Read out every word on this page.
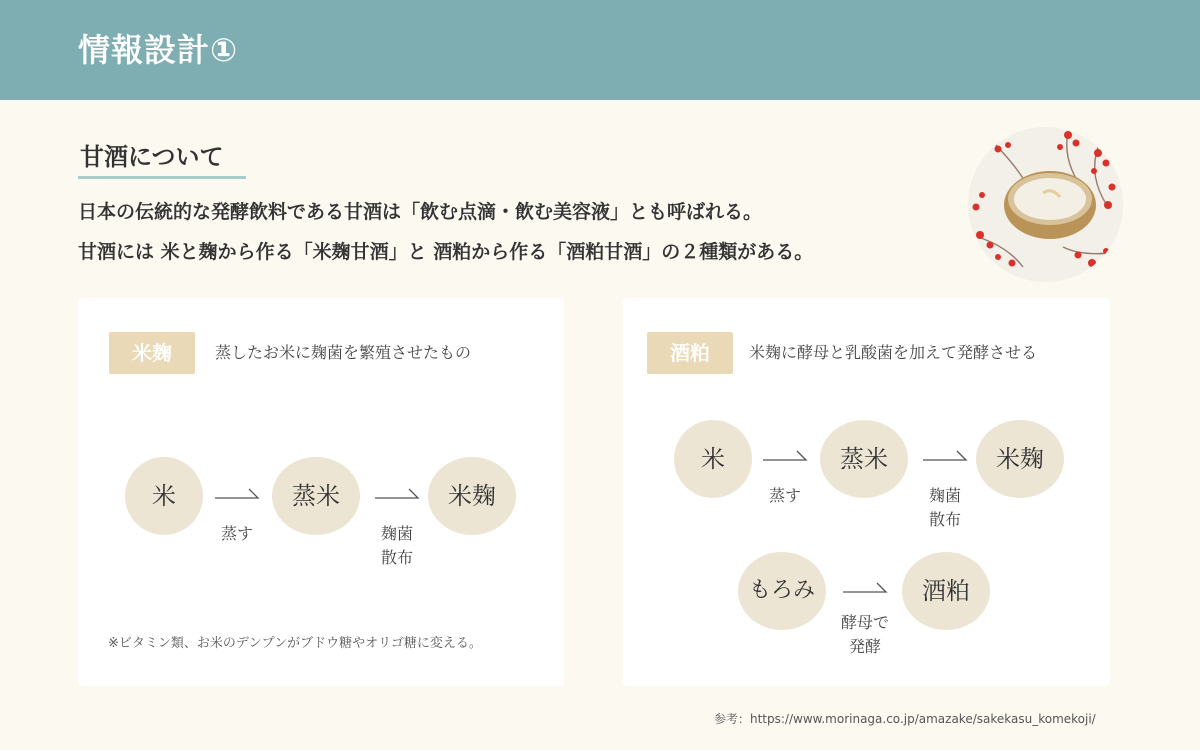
情報設計①
甘酒について
日本の伝統的な発酵飲料である甘酒は「飲む点滴・飲む美容液」とも呼ばれる。
甘酒には 米と麹から作る「米麹甘酒」と 酒粕から作る「酒粕甘酒」の２種類がある。
米麹	蒸したお米に麹菌を繁殖させたもの
米
蒸す
蒸米
麹菌
散布
米麹
※ビタミン類、お米のデンプンがブドウ糖やオリゴ糖に変える。
酒粕	米麹に酵母と乳酸菌を加えて発酵させる
米
蒸す
蒸米
麹菌
散布
米麹
もろみ
酵母で
発酵
酒粕
参考：https://www.morinaga.co.jp/amazake/sakekasu_komekoji/
